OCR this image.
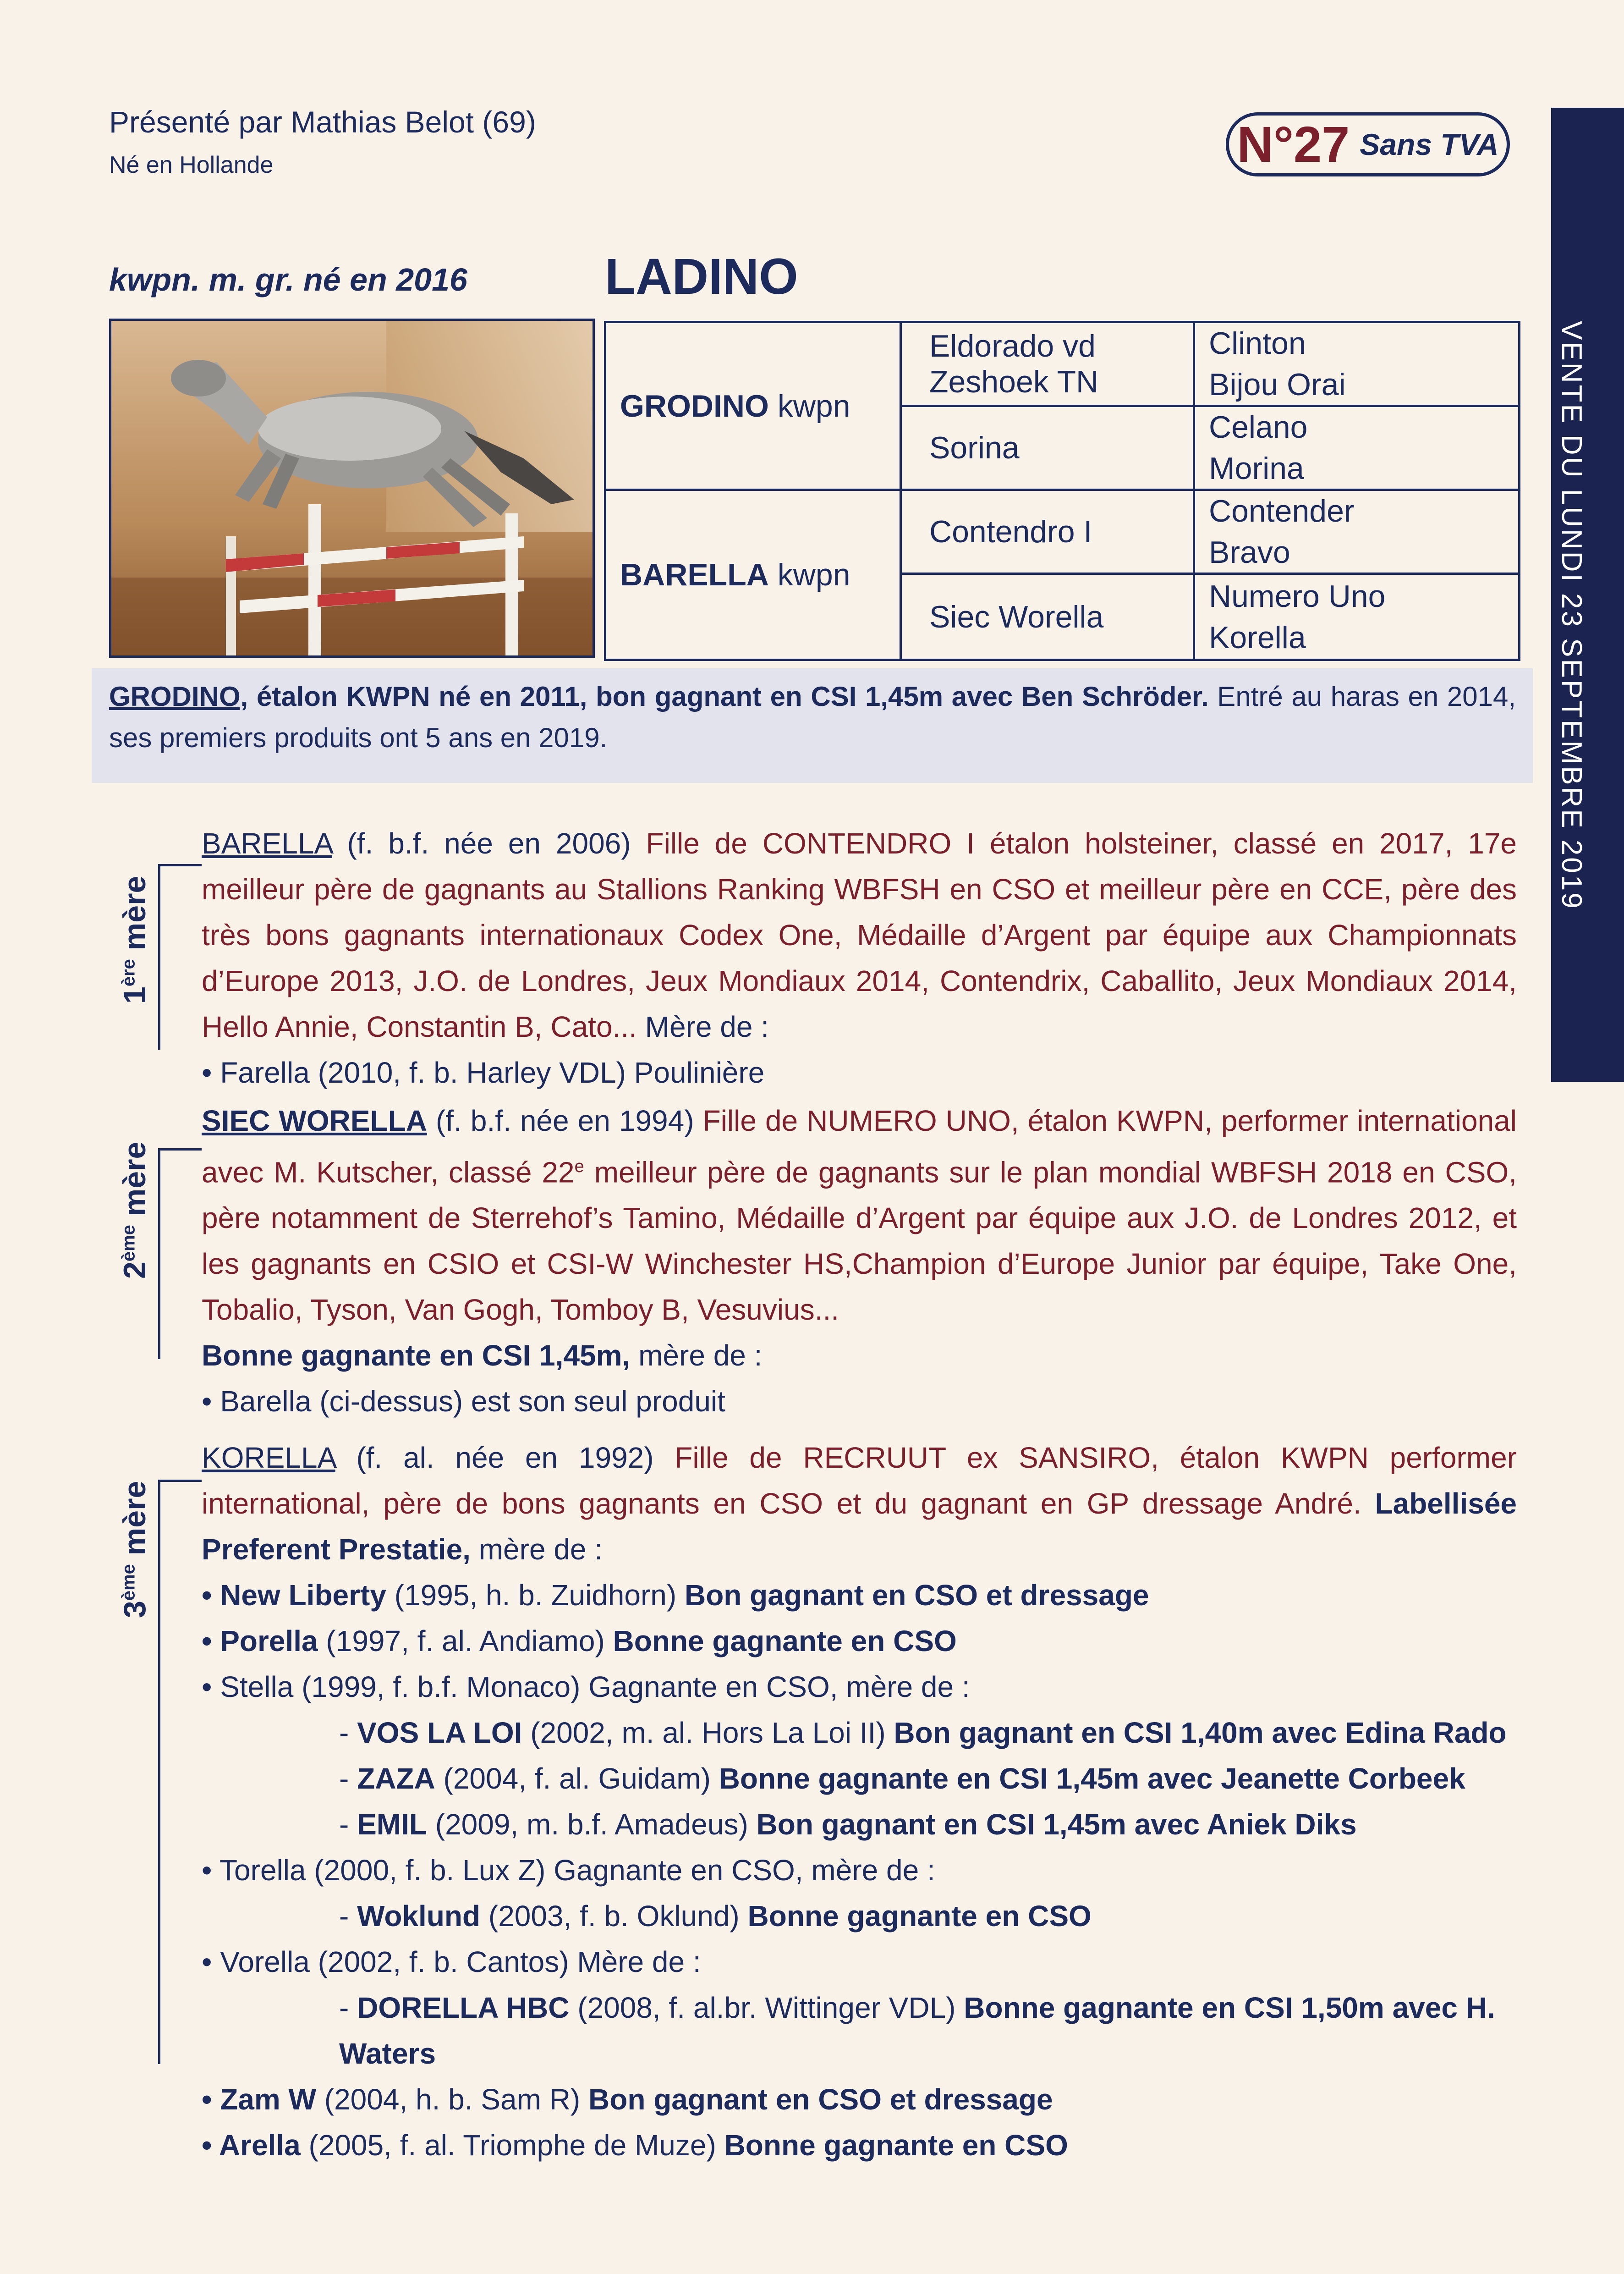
Présenté par Mathias Belot (69)
Né en Hollande	N°27 Sans TVA
VENTE DU LUNDI 23 SEPTEMBRE 2019
kwpn. m. gr. né en 2016	LADINO
GRODINO
kwpn
BARELLA
kwpn
Eldorado vd Zeshoek TN
Sorina
Contendro I
Siec Worella
Clinton
Bijou Orai
Celano
Morina
Contender
Bravo
Numero Uno
Korella
GRODINO, étalon KWPN né en 2011, bon gagnant en CSI 1,45m avec Ben Schröder. Entré au haras en 2014, ses premiers produits ont 5 ans en 2019.
1ère mère
BARELLA (f. b.f. née en 2006) Fille de CONTENDRO I étalon holsteiner, classé en 2017, 17e meilleur père de gagnants au Stallions Ranking WBFSH en CSO et meilleur père en CCE, père des très bons gagnants internationaux Codex One, Médaille d’Argent par équipe aux Championnats d’Europe 2013, J.O. de Londres, Jeux Mondiaux 2014, Contendrix, Caballito, Jeux Mondiaux 2014, Hello Annie, Constantin B, Cato... Mère de :
• Farella (2010, f. b. Harley VDL) Poulinière
2ème mère
SIEC WORELLA (f. b.f. née en 1994) Fille de NUMERO UNO, étalon KWPN, performer international avec M. Kutscher, classé 22e meilleur père de gagnants sur le plan mondial WBFSH 2018 en CSO, père notamment de Sterrehof’s Tamino, Médaille d’Argent par équipe aux J.O. de Londres 2012, et les gagnants en CSIO et CSI-W Winchester HS,Champion d’Europe Junior par équipe, Take One, Tobalio, Tyson, Van Gogh, Tomboy B, Vesuvius...
Bonne gagnante en CSI 1,45m, mère de :
• Barella (ci-dessus) est son seul produit
3ème mère
KORELLA (f. al. née en 1992) Fille de RECRUUT ex SANSIRO, étalon KWPN performer international, père de bons gagnants en CSO et du gagnant en GP dressage André. Labellisée Preferent Prestatie, mère de :
• New Liberty (1995, h. b. Zuidhorn) Bon gagnant en CSO et dressage
• Porella (1997, f. al. Andiamo) Bonne gagnante en CSO
• Stella (1999, f. b.f. Monaco) Gagnante en CSO, mère de :
- VOS LA LOI (2002, m. al. Hors La Loi II) Bon gagnant en CSI 1,40m avec Edina Rado
- ZAZA (2004, f. al. Guidam) Bonne gagnante en CSI 1,45m avec Jeanette Corbeek
- EMIL (2009, m. b.f. Amadeus) Bon gagnant en CSI 1,45m avec Aniek Diks
• Torella (2000, f. b. Lux Z) Gagnante en CSO, mère de :
- Woklund (2003, f. b. Oklund) Bonne gagnante en CSO
• Vorella (2002, f. b. Cantos) Mère de :
- DORELLA HBC (2008, f. al.br. Wittinger VDL) Bonne gagnante en CSI 1,50m avec H. Waters
• Zam W (2004, h. b. Sam R) Bon gagnant en CSO et dressage
• Arella (2005, f. al. Triomphe de Muze) Bonne gagnante en CSO
